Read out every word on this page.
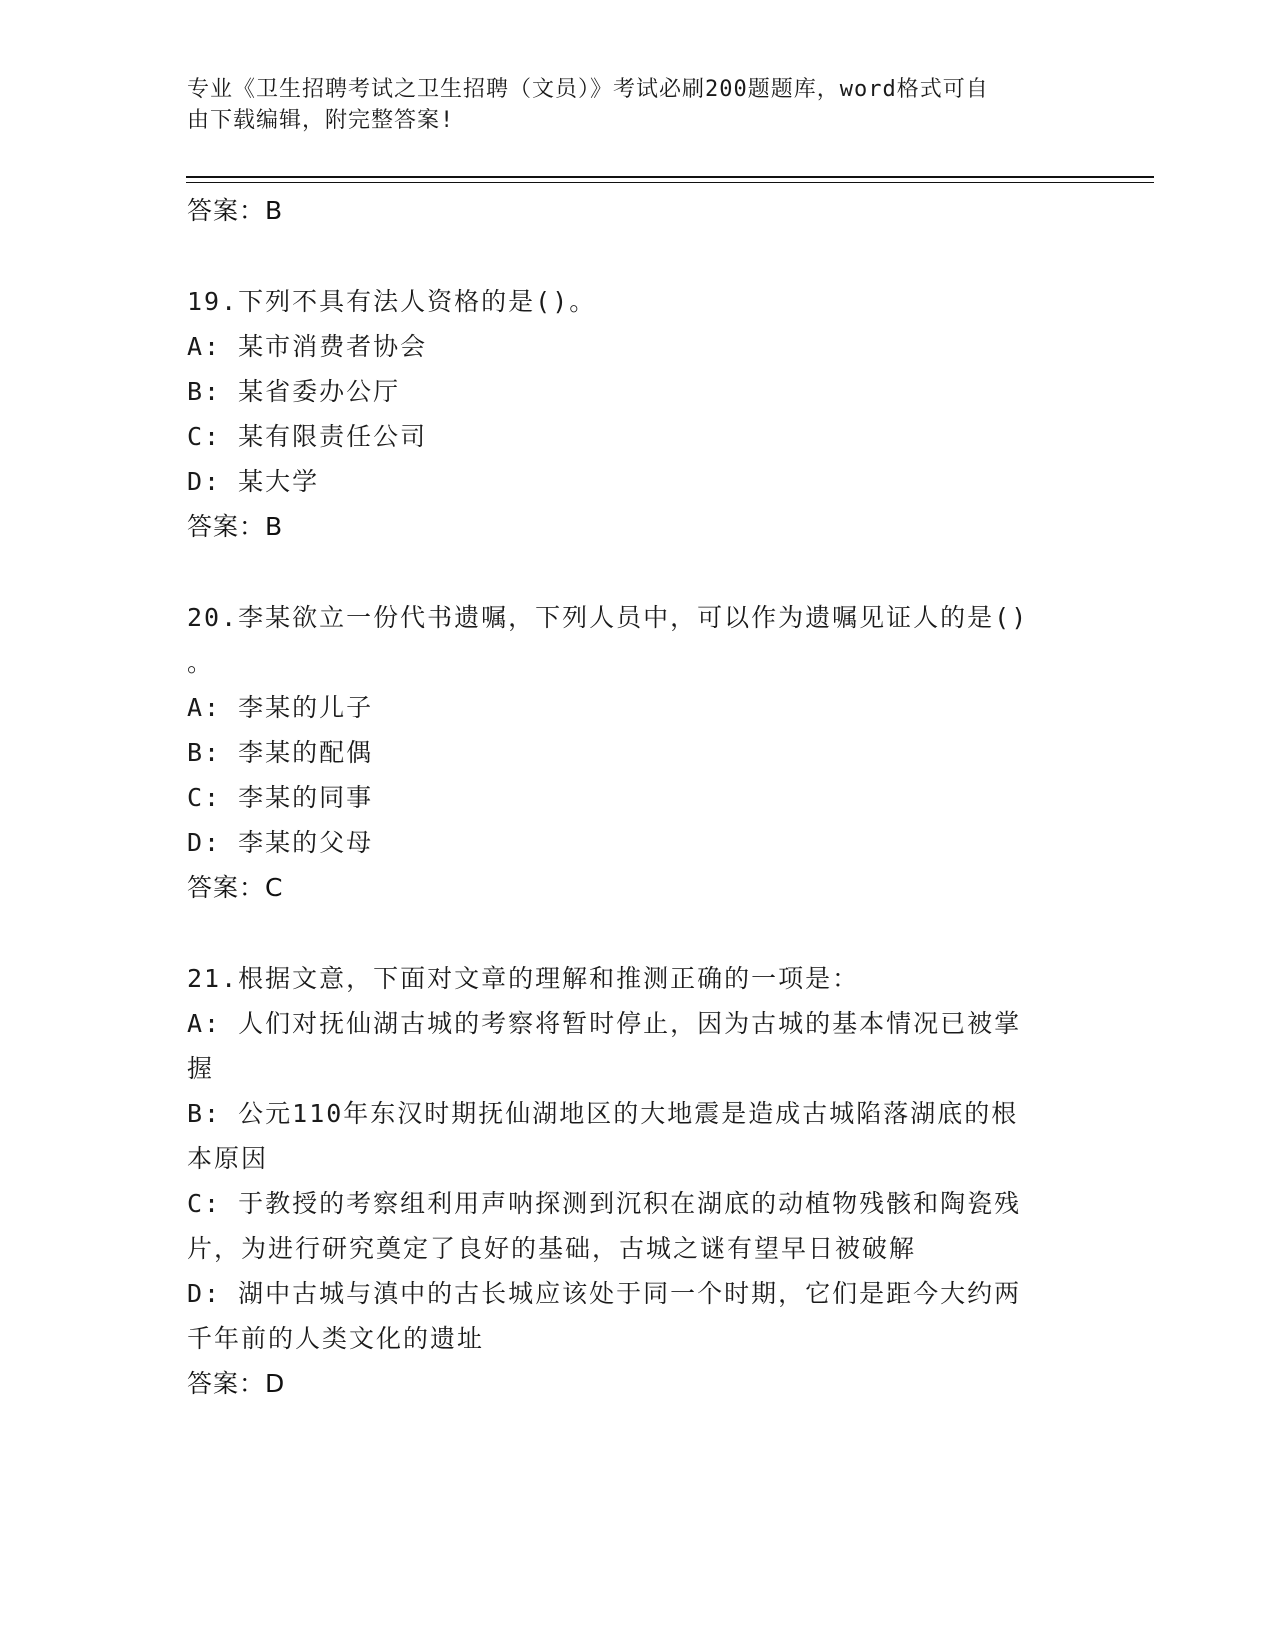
专业《卫生招聘考试之卫生招聘（文员）》考试必刷200题题库，word格式可自
由下载编辑，附完整答案!
答案：B
19.下列不具有法人资格的是()。
A: 某市消费者协会
B: 某省委办公厅
C: 某有限责任公司
D: 某大学
答案：B
20.李某欲立一份代书遗嘱，下列人员中，可以作为遗嘱见证人的是()
。
A: 李某的儿子
B: 李某的配偶
C: 李某的同事
D: 李某的父母
答案：C
21.根据文意，下面对文章的理解和推测正确的一项是：
A: 人们对抚仙湖古城的考察将暂时停止，因为古城的基本情况已被掌
握
B: 公元110年东汉时期抚仙湖地区的大地震是造成古城陷落湖底的根
本原因
C: 于教授的考察组利用声呐探测到沉积在湖底的动植物残骸和陶瓷残
片，为进行研究奠定了良好的基础，古城之谜有望早日被破解
D: 湖中古城与滇中的古长城应该处于同一个时期，它们是距今大约两
千年前的人类文化的遗址
答案：D
